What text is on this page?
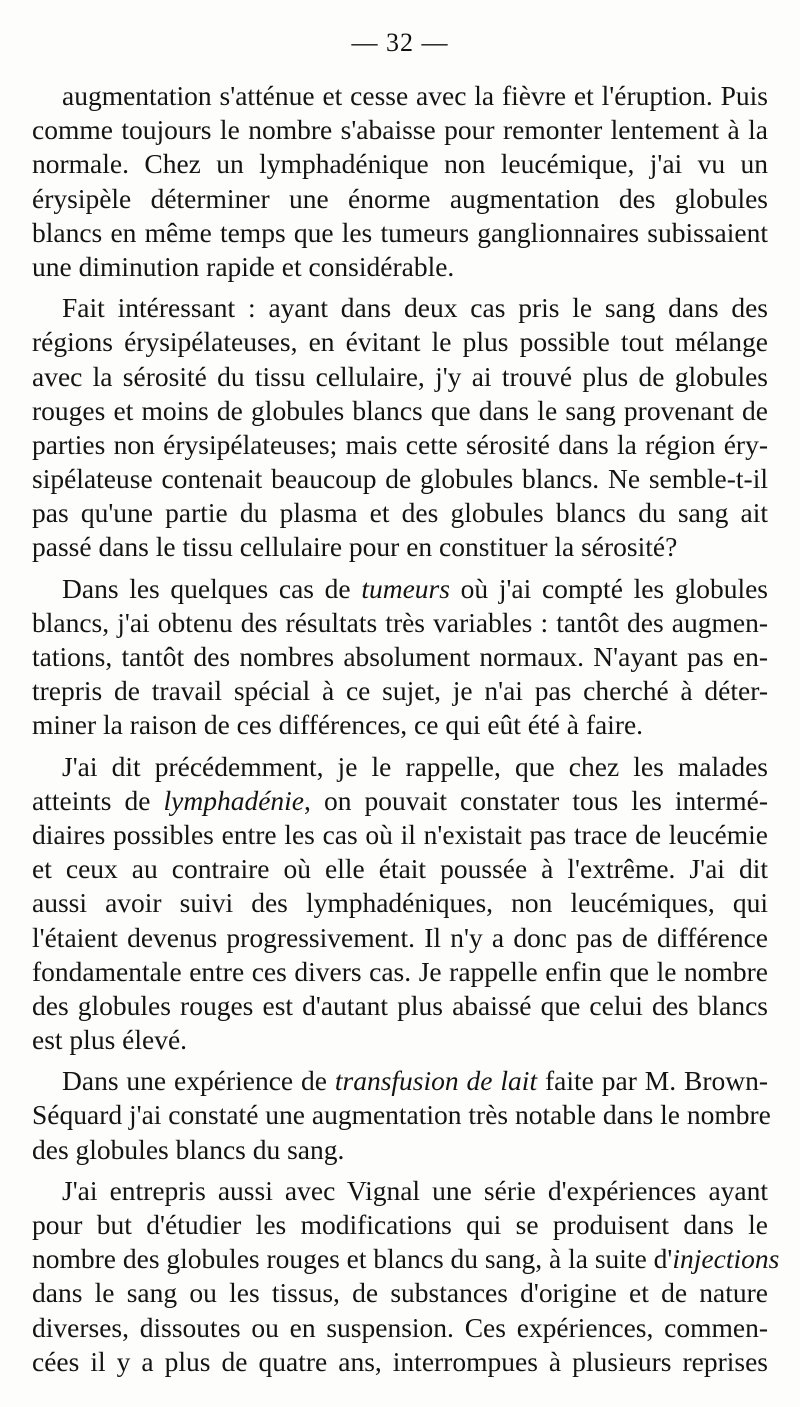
— 32 —
augmentation s'atténue et cesse avec la fièvre et l'éruption. Puis
comme toujours le nombre s'abaisse pour remonter lentement à la
normale. Chez un lymphadénique non leucémique, j'ai vu un
érysipèle déterminer une énorme augmentation des globules
blancs en même temps que les tumeurs ganglionnaires subissaient
une diminution rapide et considérable.
Fait intéressant : ayant dans deux cas pris le sang dans des
régions érysipélateuses, en évitant le plus possible tout mélange
avec la sérosité du tissu cellulaire, j'y ai trouvé plus de globules
rouges et moins de globules blancs que dans le sang provenant de
parties non érysipélateuses; mais cette sérosité dans la région éry-
sipélateuse contenait beaucoup de globules blancs. Ne semble-t-il
pas qu'une partie du plasma et des globules blancs du sang ait
passé dans le tissu cellulaire pour en constituer la sérosité?
Dans les quelques cas de tumeurs où j'ai compté les globules
blancs, j'ai obtenu des résultats très variables : tantôt des augmen-
tations, tantôt des nombres absolument normaux. N'ayant pas en-
trepris de travail spécial à ce sujet, je n'ai pas cherché à déter-
miner la raison de ces différences, ce qui eût été à faire.
J'ai dit précédemment, je le rappelle, que chez les malades
atteints de lymphadénie, on pouvait constater tous les intermé-
diaires possibles entre les cas où il n'existait pas trace de leucémie
et ceux au contraire où elle était poussée à l'extrême. J'ai dit
aussi avoir suivi des lymphadéniques, non leucémiques, qui
l'étaient devenus progressivement. Il n'y a donc pas de différence
fondamentale entre ces divers cas. Je rappelle enfin que le nombre
des globules rouges est d'autant plus abaissé que celui des blancs
est plus élevé.
Dans une expérience de transfusion de lait faite par M. Brown-
Séquard j'ai constaté une augmentation très notable dans le nombre
des globules blancs du sang.
J'ai entrepris aussi avec Vignal une série d'expériences ayant
pour but d'étudier les modifications qui se produisent dans le
nombre des globules rouges et blancs du sang, à la suite d'injections
dans le sang ou les tissus, de substances d'origine et de nature
diverses, dissoutes ou en suspension. Ces expériences, commen-
cées il y a plus de quatre ans, interrompues à plusieurs reprises
